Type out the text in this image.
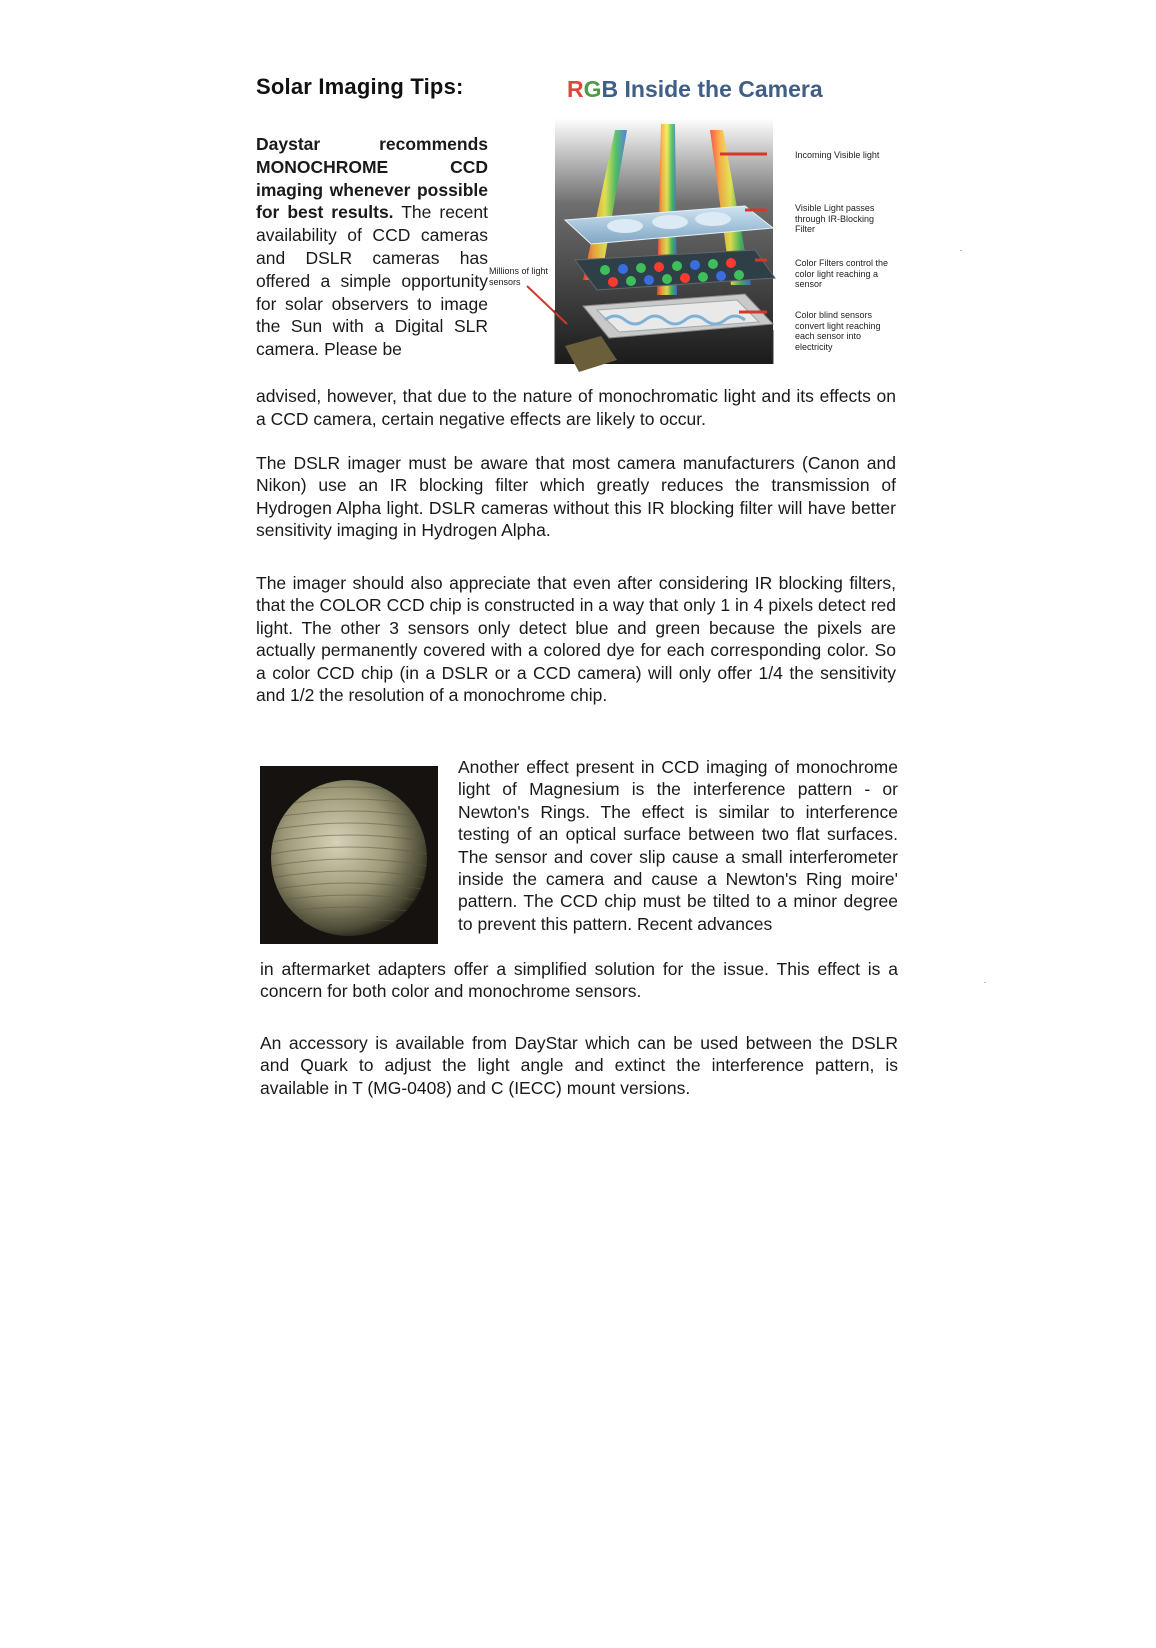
Solar Imaging Tips:
Daystar recommends MONOCHROME CCD imaging whenever possible for best results. The recent availability of CCD cameras and DSLR cameras has offered a simple opportunity for solar observers to image the Sun with a Digital SLR camera. Please be
advised, however, that due to the nature of monochromatic light and its effects on a CCD camera, certain negative effects are likely to occur.
RGB Inside the Camera
Incoming Visible light
Visible Light passes through IR-Blocking Filter
Color Filters control the color light reaching a sensor
Color blind sensors convert light reaching each sensor into electricity
Millions of light sensors

The DSLR imager must be aware that most camera manufacturers (Canon and Nikon) use an IR blocking filter which greatly reduces the transmission of Hydrogen Alpha light. DSLR cameras without this IR blocking filter will have better sensitivity imaging in Hydrogen Alpha.

The imager should also appreciate that even after considering IR blocking filters, that the COLOR CCD chip is constructed in a way that only 1 in 4 pixels detect red light. The other 3 sensors only detect blue and green because the pixels are actually permanently covered with a colored dye for each corresponding color. So a color CCD chip (in a DSLR or a CCD camera) will only offer 1/4 the sensitivity and 1/2 the resolution of a monochrome chip.

Another effect present in CCD imaging of monochrome light of Magnesium is the interference pattern - or Newton's Rings. The effect is similar to interference testing of an optical surface between two flat surfaces. The sensor and cover slip cause a small interferometer inside the camera and cause a Newton's Ring moire' pattern. The CCD chip must be tilted to a minor degree to prevent this pattern. Recent advances
in aftermarket adapters offer a simplified solution for the issue. This effect is a concern for both color and monochrome sensors.

An accessory is available from DayStar which can be used between the DSLR and Quark to adjust the light angle and extinct the interference pattern, is available in T (MG-0408) and C (IECC) mount versions.
